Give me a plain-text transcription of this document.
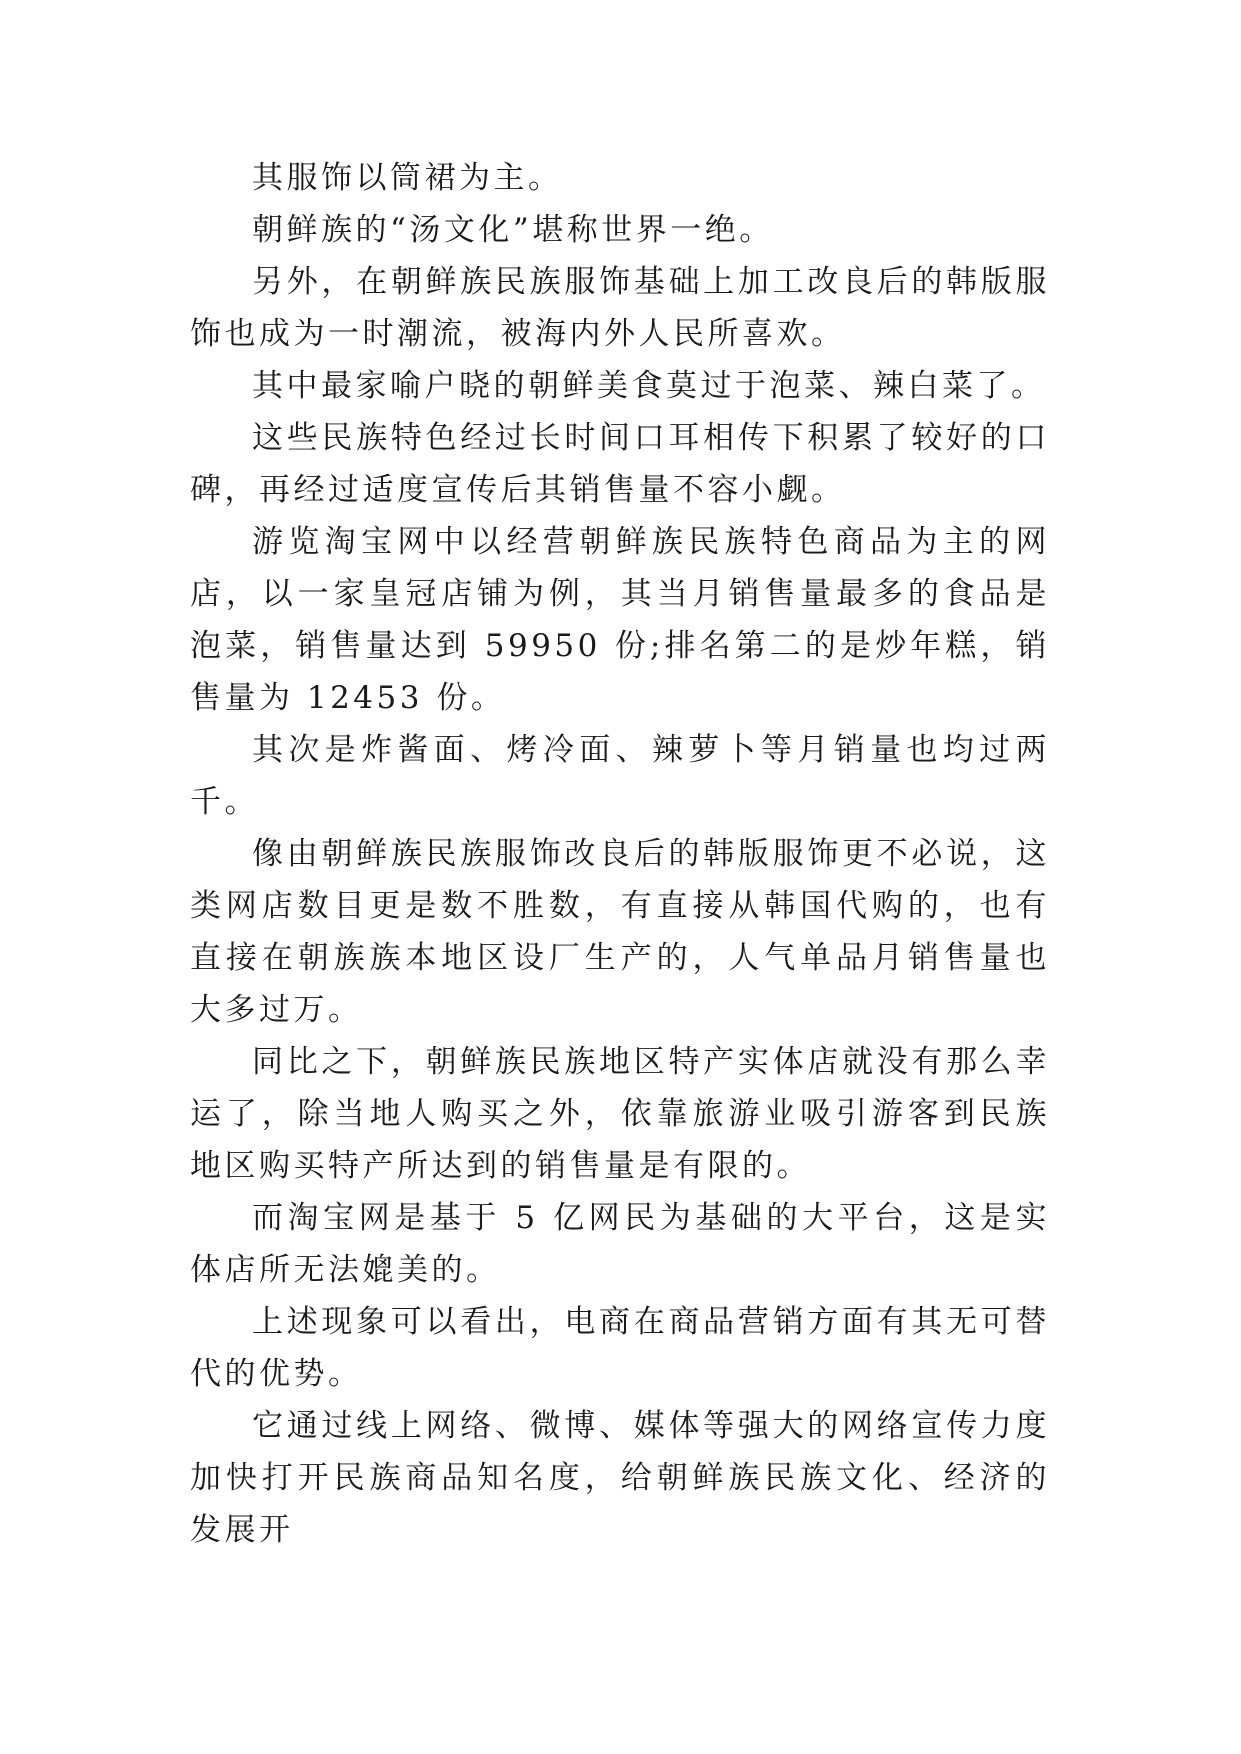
其服饰以筒裙为主。

朝鲜族的“汤文化”堪称世界一绝。

另外，在朝鲜族民族服饰基础上加工改良后的韩版服饰也成为一时潮流，被海内外人民所喜欢。

其中最家喻户晓的朝鲜美食莫过于泡菜、辣白菜了。

这些民族特色经过长时间口耳相传下积累了较好的口碑，再经过适度宣传后其销售量不容小觑。

游览淘宝网中以经营朝鲜族民族特色商品为主的网店，以一家皇冠店铺为例，其当月销售量最多的食品是泡菜，销售量达到 59950 份;排名第二的是炒年糕，销售量为 12453 份。

其次是炸酱面、烤冷面、辣萝卜等月销量也均过两千。

像由朝鲜族民族服饰改良后的韩版服饰更不必说，这类网店数目更是数不胜数，有直接从韩国代购的，也有直接在朝族族本地区设厂生产的，人气单品月销售量也大多过万。

同比之下，朝鲜族民族地区特产实体店就没有那么幸运了，除当地人购买之外，依靠旅游业吸引游客到民族地区购买特产所达到的销售量是有限的。

而淘宝网是基于 5 亿网民为基础的大平台，这是实体店所无法媲美的。

上述现象可以看出，电商在商品营销方面有其无可替代的优势。

它通过线上网络、微博、媒体等强大的网络宣传力度加快打开民族商品知名度，给朝鲜族民族文化、经济的发展开
